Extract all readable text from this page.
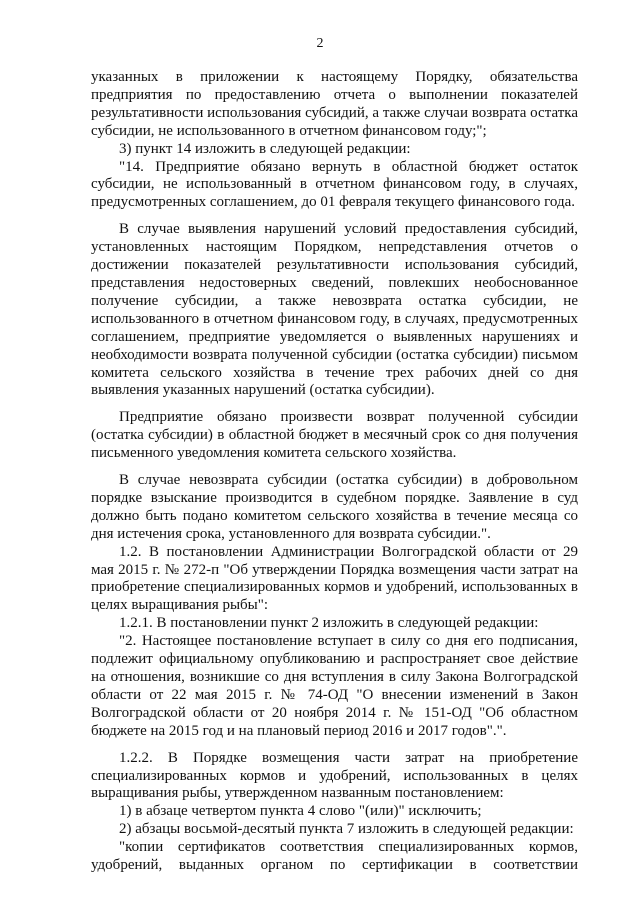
2

указанных в приложении к настоящему Порядку, обязательства предприятия по предоставлению отчета о выполнении показателей результативности использования субсидий, а также случаи возврата остатка субсидии, не использованного в отчетном финансовом году;";

3) пункт 14 изложить в следующей редакции:

"14. Предприятие обязано вернуть в областной бюджет остаток субсидии, не использованный в отчетном финансовом году, в случаях, предусмотренных соглашением, до 01 февраля текущего финансового года.

В случае выявления нарушений условий предоставления субсидий, установленных настоящим Порядком, непредставления отчетов о достижении показателей результативности использования субсидий, представления недостоверных сведений, повлекших необоснованное получение субсидии, а также невозврата остатка субсидии, не использованного в отчетном финансовом году, в случаях, предусмотренных соглашением, предприятие уведомляется о выявленных нарушениях и необходимости возврата полученной субсидии (остатка субсидии) письмом комитета сельского хозяйства в течение трех рабочих дней со дня выявления указанных нарушений (остатка субсидии).

Предприятие обязано произвести возврат полученной субсидии (остатка субсидии) в областной бюджет в месячный срок со дня получения письменного уведомления комитета сельского хозяйства.

В случае невозврата субсидии (остатка субсидии) в добровольном порядке взыскание производится в судебном порядке. Заявление в суд должно быть подано комитетом сельского хозяйства в течение месяца со дня истечения срока, установленного для возврата субсидии.".

1.2. В постановлении Администрации Волгоградской области от 29 мая 2015 г. № 272-п "Об утверждении Порядка возмещения части затрат на приобретение специализированных кормов и удобрений, использованных в целях выращивания рыбы":

1.2.1. В постановлении пункт 2 изложить в следующей редакции:

"2. Настоящее постановление вступает в силу со дня его подписания, подлежит официальному опубликованию и распространяет свое действие на отношения, возникшие со дня вступления в силу Закона Волгоградской области от 22 мая 2015 г. № 74-ОД "О внесении изменений в Закон Волгоградской области от 20 ноября 2014 г. № 151-ОД "Об областном бюджете на 2015 год и на плановый период 2016 и 2017 годов".".

1.2.2. В Порядке возмещения части затрат на приобретение специализированных кормов и удобрений, использованных в целях выращивания рыбы, утвержденном названным постановлением:

1) в абзаце четвертом пункта 4 слово "(или)" исключить;

2) абзацы восьмой-десятый пункта 7 изложить в следующей редакции:

"копии сертификатов соответствия специализированных кормов, удобрений, выданных органом по сертификации в соответствии
